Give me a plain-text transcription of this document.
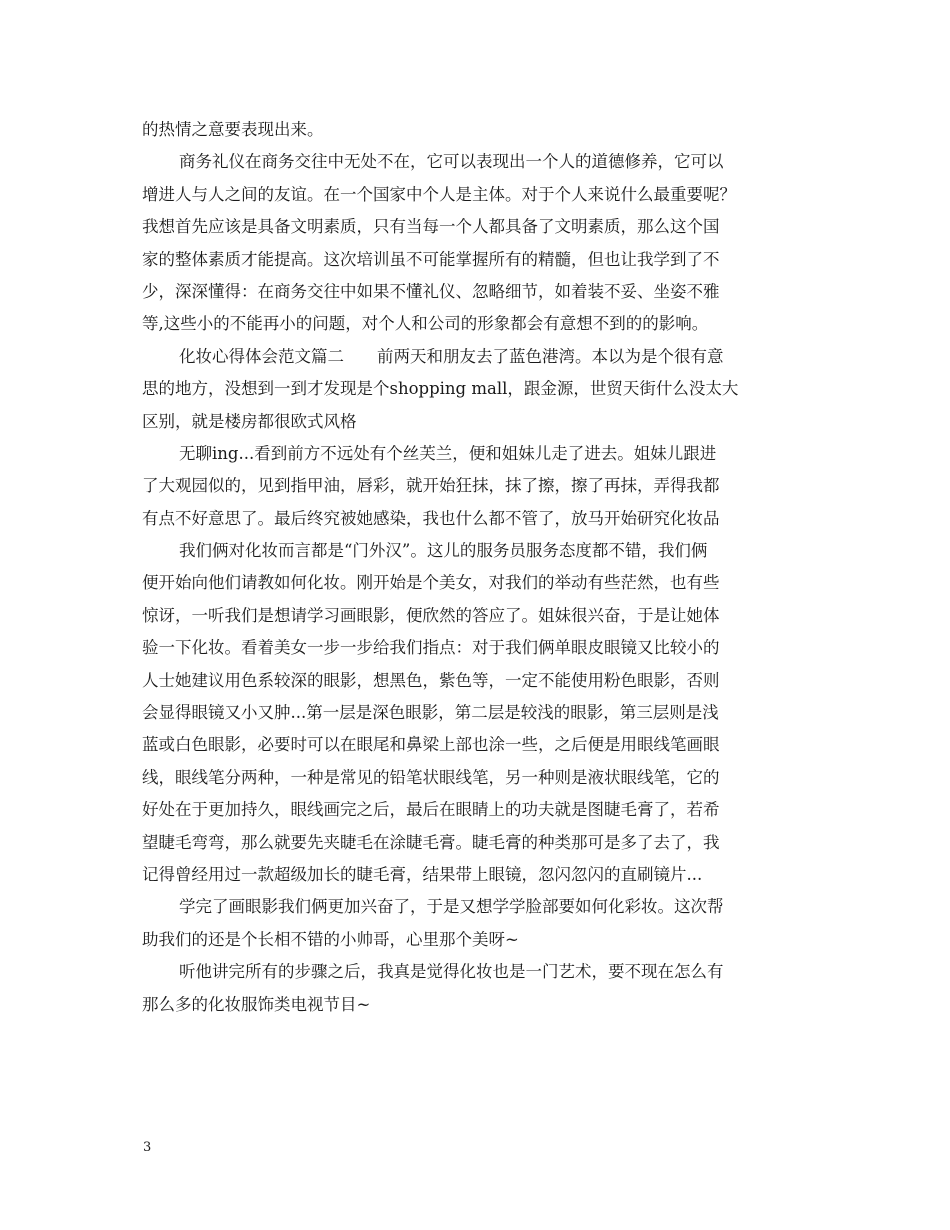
的热情之意要表现出来。
商务礼仪在商务交往中无处不在，它可以表现出一个人的道德修养，它可以
增进人与人之间的友谊。在一个国家中个人是主体。对于个人来说什么最重要呢？
我想首先应该是具备文明素质，只有当每一个人都具备了文明素质，那么这个国
家的整体素质才能提高。这次培训虽不可能掌握所有的精髓，但也让我学到了不
少，深深懂得：在商务交往中如果不懂礼仪、忽略细节，如着装不妥、坐姿不雅
等,这些小的不能再小的问题，对个人和公司的形象都会有意想不到的的影响。
化妆心得体会范文篇二　　前两天和朋友去了蓝色港湾。本以为是个很有意
思的地方，没想到一到才发现是个shopping mall，跟金源，世贸天街什么没太大
区别，就是楼房都很欧式风格
无聊ing...看到前方不远处有个丝芙兰，便和姐妹儿走了进去。姐妹儿跟进
了大观园似的，见到指甲油，唇彩，就开始狂抹，抹了擦，擦了再抹，弄得我都
有点不好意思了。最后终究被她感染，我也什么都不管了，放马开始研究化妆品
我们俩对化妆而言都是“门外汉”。这儿的服务员服务态度都不错，我们俩
便开始向他们请教如何化妆。刚开始是个美女，对我们的举动有些茫然，也有些
惊讶，一听我们是想请学习画眼影，便欣然的答应了。姐妹很兴奋，于是让她体
验一下化妆。看着美女一步一步给我们指点：对于我们俩单眼皮眼镜又比较小的
人士她建议用色系较深的眼影，想黑色，紫色等，一定不能使用粉色眼影，否则
会显得眼镜又小又肿...第一层是深色眼影，第二层是较浅的眼影，第三层则是浅
蓝或白色眼影，必要时可以在眼尾和鼻梁上部也涂一些，之后便是用眼线笔画眼
线，眼线笔分两种，一种是常见的铅笔状眼线笔，另一种则是液状眼线笔，它的
好处在于更加持久，眼线画完之后，最后在眼睛上的功夫就是图睫毛膏了，若希
望睫毛弯弯，那么就要先夹睫毛在涂睫毛膏。睫毛膏的种类那可是多了去了，我
记得曾经用过一款超级加长的睫毛膏，结果带上眼镜，忽闪忽闪的直刷镜片...
学完了画眼影我们俩更加兴奋了，于是又想学学脸部要如何化彩妆。这次帮
助我们的还是个长相不错的小帅哥，心里那个美呀~
听他讲完所有的步骤之后，我真是觉得化妆也是一门艺术，要不现在怎么有
那么多的化妆服饰类电视节目~
3
